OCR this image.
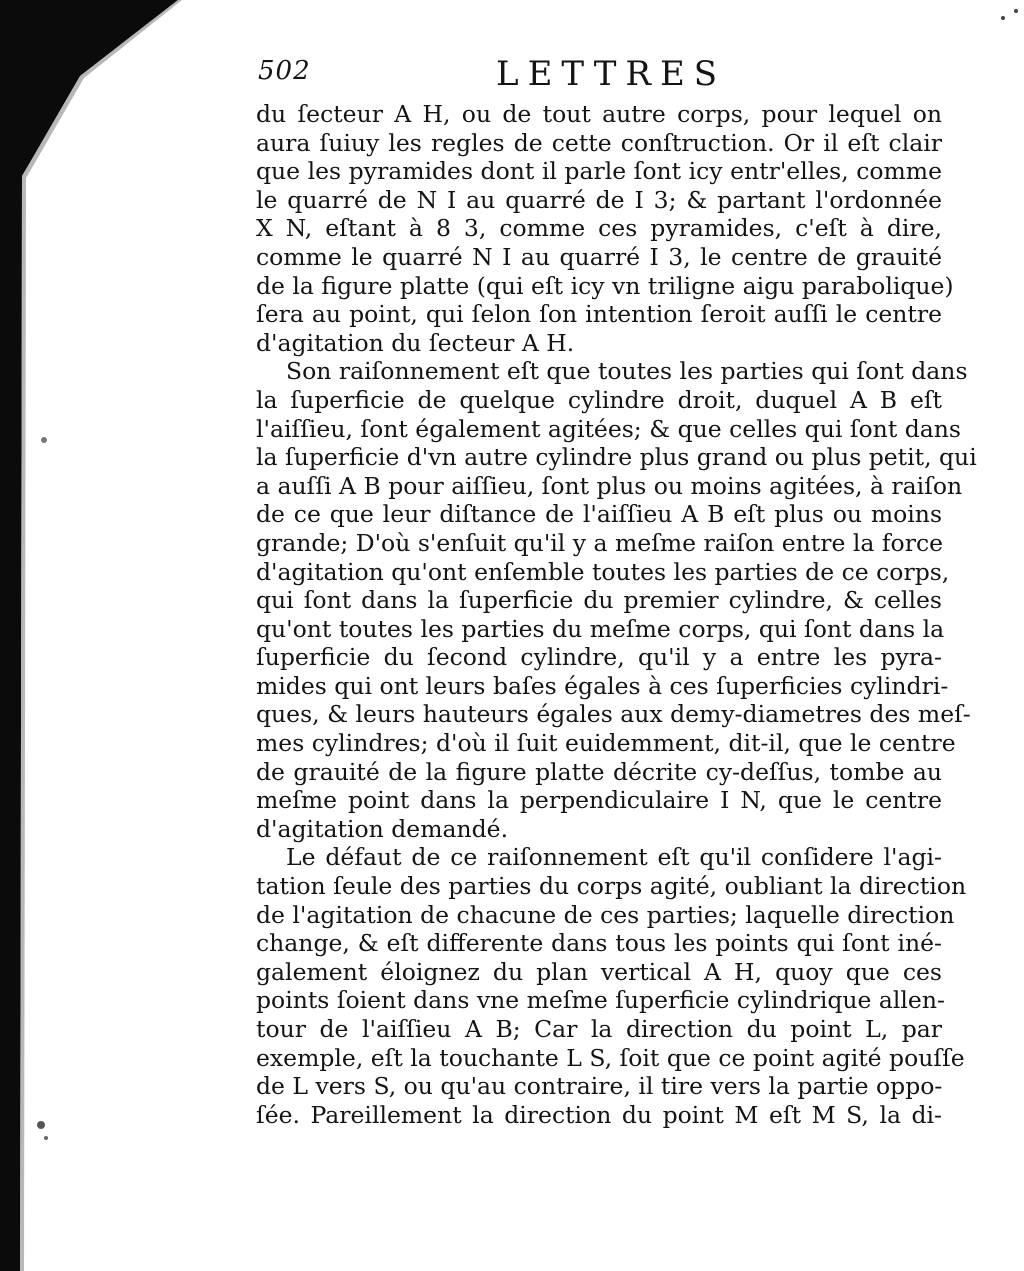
502	LETTRES
du ſecteur A H, ou de tout autre corps, pour lequel on
aura ſuiuy les regles de cette conſtruction. Or il eſt clair
que les pyramides dont il parle ſont icy entr'elles, comme
le quarré de N I au quarré de I 3; & partant l'ordonnée
X N, eſtant à 8 3, comme ces pyramides, c'eſt à dire,
comme le quarré N I au quarré I 3, le centre de grauité
de la figure platte (qui eſt icy vn triligne aigu parabolique)
ſera au point, qui ſelon ſon intention ſeroit auſſi le centre
d'agitation du ſecteur A H.
Son raiſonnement eſt que toutes les parties qui ſont dans
la ſuperficie de quelque cylindre droit, duquel A B eſt
l'aiſſieu, ſont également agitées; & que celles qui ſont dans
la ſuperficie d'vn autre cylindre plus grand ou plus petit, qui
a auſſi A B pour aiſſieu, ſont plus ou moins agitées, à raiſon
de ce que leur diſtance de l'aiſſieu A B eſt plus ou moins
grande; D'où s'enſuit qu'il y a meſme raiſon entre la force
d'agitation qu'ont enſemble toutes les parties de ce corps,
qui ſont dans la ſuperficie du premier cylindre, & celles
qu'ont toutes les parties du meſme corps, qui ſont dans la
ſuperficie du ſecond cylindre, qu'il y a entre les pyra-
mides qui ont leurs baſes égales à ces ſuperficies cylindri-
ques, & leurs hauteurs égales aux demy-diametres des meſ-
mes cylindres; d'où il ſuit euidemment, dit-il, que le centre
de grauité de la figure platte décrite cy-deſſus, tombe au
meſme point dans la perpendiculaire I N, que le centre
d'agitation demandé.
Le défaut de ce raiſonnement eſt qu'il conſidere l'agi-
tation ſeule des parties du corps agité, oubliant la direction
de l'agitation de chacune de ces parties; laquelle direction
change, & eſt differente dans tous les points qui ſont iné-
galement éloignez du plan vertical A H, quoy que ces
points ſoient dans vne meſme ſuperficie cylindrique allen-
tour de l'aiſſieu A B; Car la direction du point L, par
exemple, eſt la touchante L S, ſoit que ce point agité pouſſe
de L vers S, ou qu'au contraire, il tire vers la partie oppo-
ſée. Pareillement la direction du point M eſt M S, la di-
